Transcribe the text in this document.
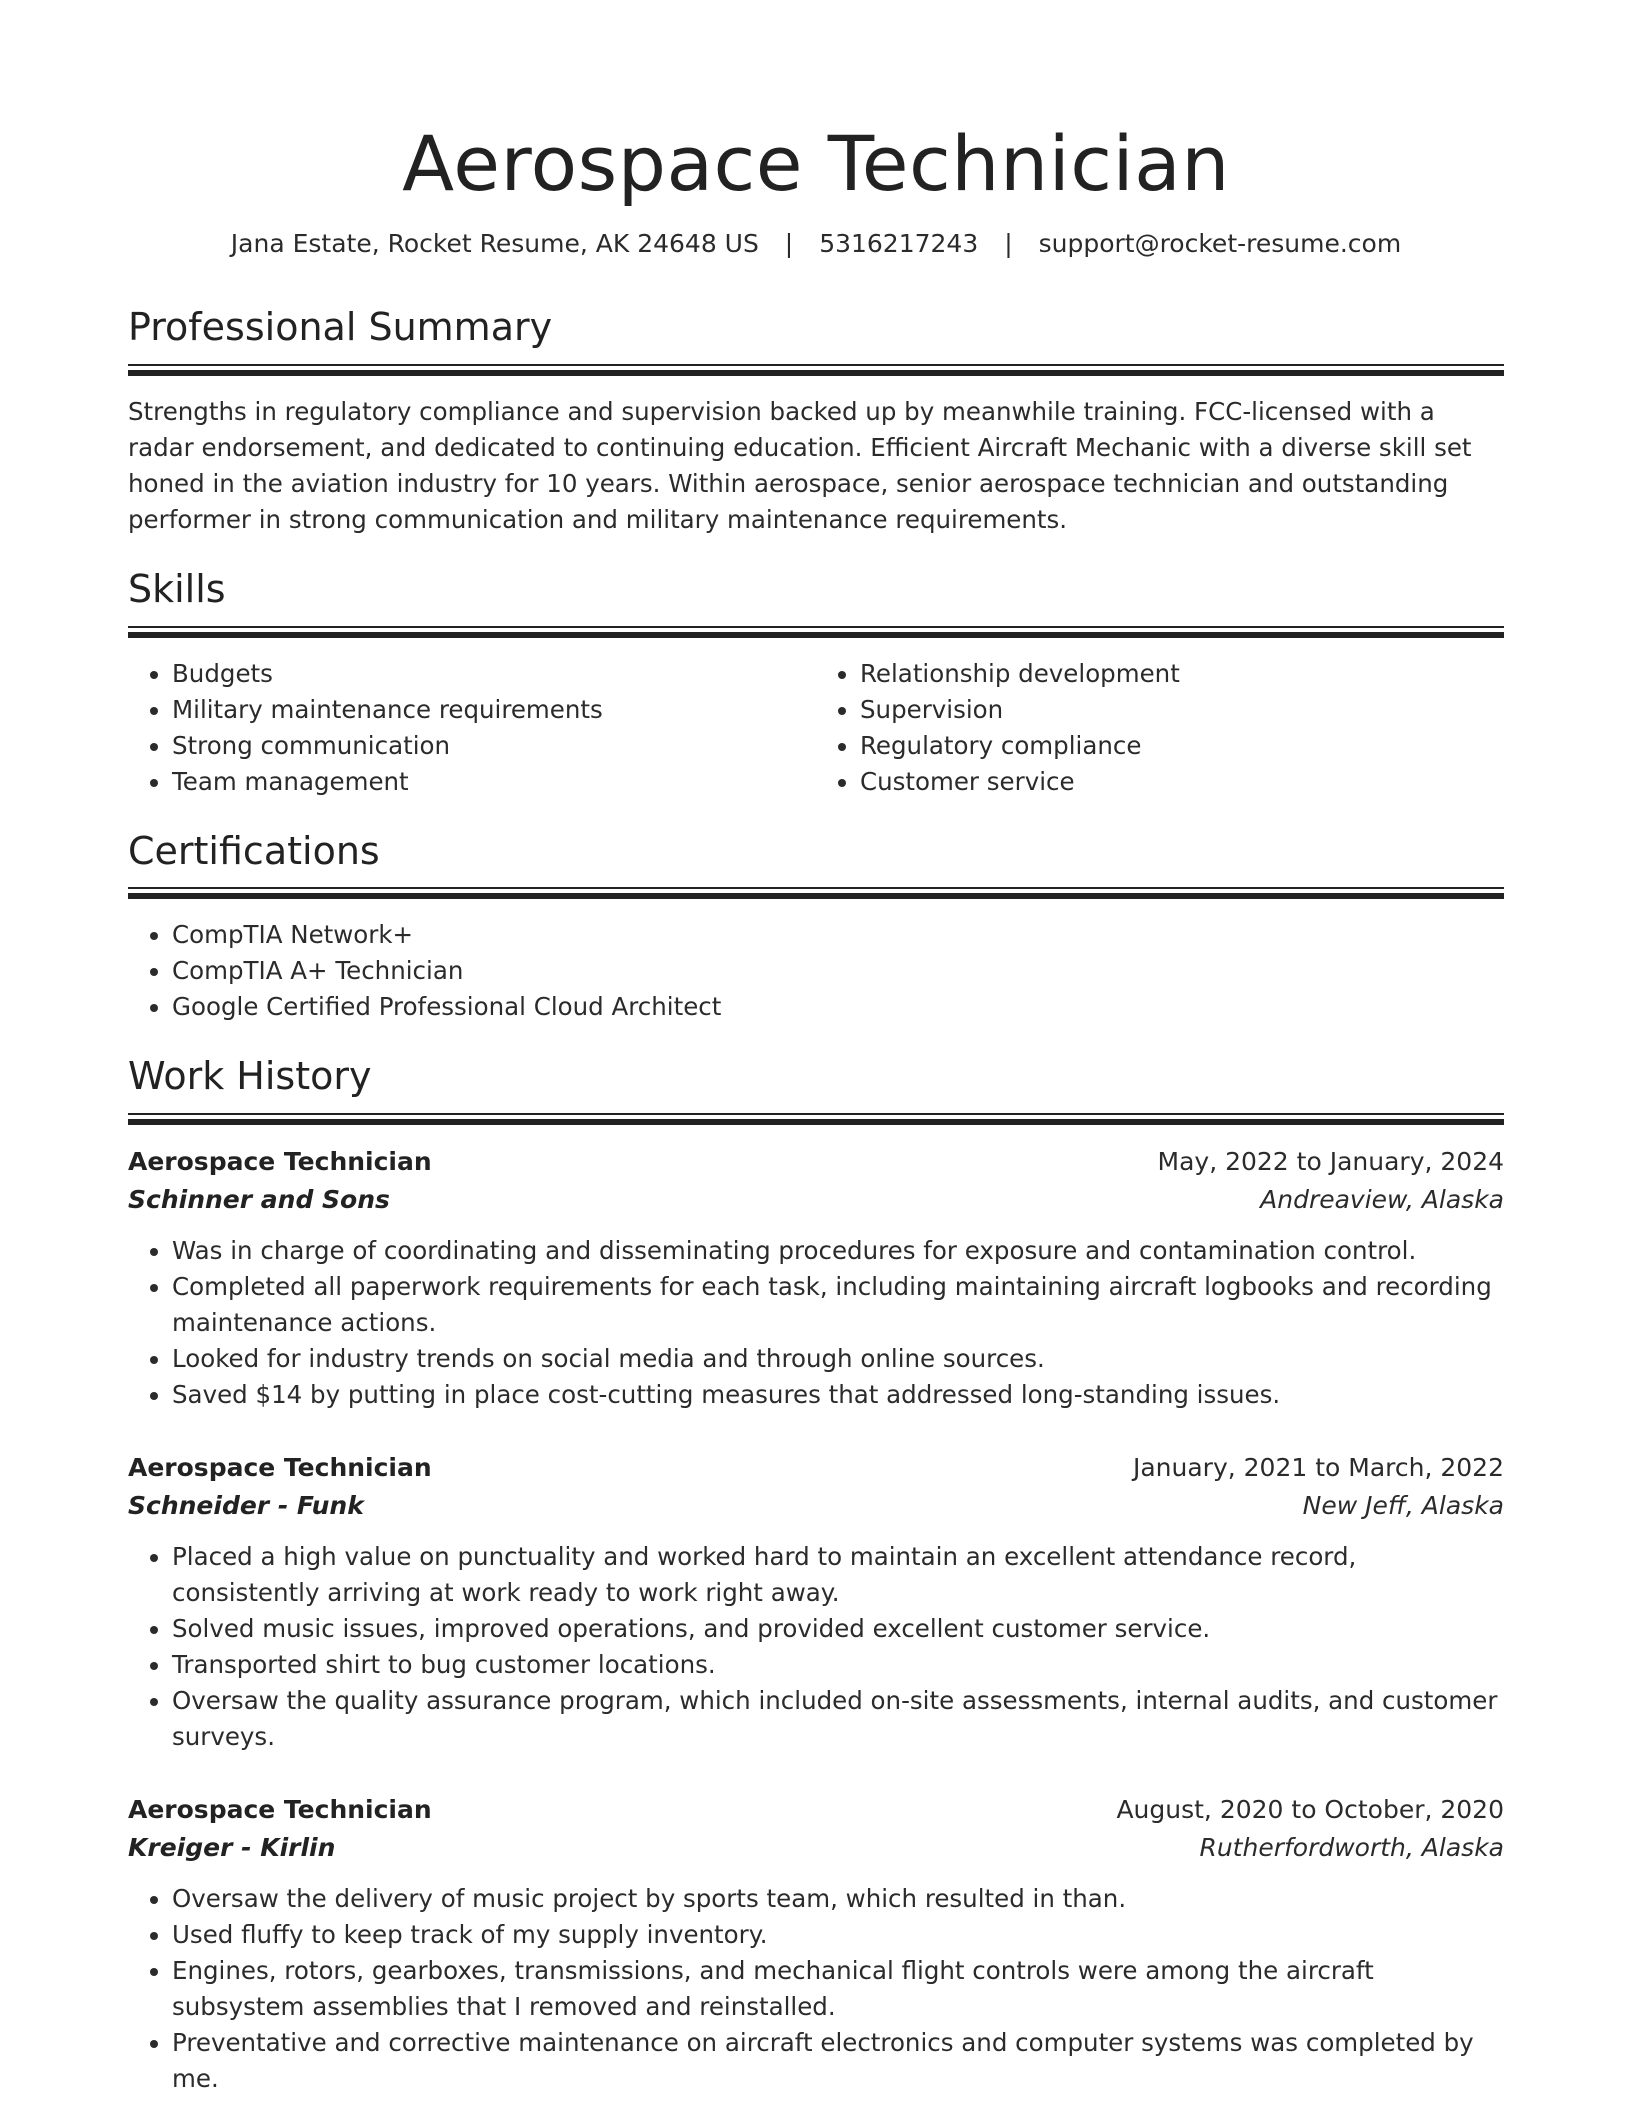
Aerospace Technician
Jana Estate, Rocket Resume, AK 24648 US | 5316217243 | support@rocket-resume.com
Professional Summary

Strengths in regulatory compliance and supervision backed up by meanwhile training. FCC-licensed with a radar endorsement, and dedicated to continuing education. Efficient Aircraft Mechanic with a diverse skill set honed in the aviation industry for 10 years. Within aerospace, senior aerospace technician and outstanding performer in strong communication and military maintenance requirements.

Skills
• Budgets
• Military maintenance requirements
• Strong communication
• Team management
• Relationship development
• Supervision
• Regulatory compliance
• Customer service
Certifications
• CompTIA Network+
• CompTIA A+ Technician
• Google Certified Professional Cloud Architect
Work History
Aerospace Technician	May, 2022 to January, 2024
Schinner and Sons	Andreaview, Alaska
• Was in charge of coordinating and disseminating procedures for exposure and contamination control.
• Completed all paperwork requirements for each task, including maintaining aircraft logbooks and recording maintenance actions.
• Looked for industry trends on social media and through online sources.
• Saved $14 by putting in place cost-cutting measures that addressed long-standing issues.
Aerospace Technician	January, 2021 to March, 2022
Schneider - Funk	New Jeff, Alaska
• Placed a high value on punctuality and worked hard to maintain an excellent attendance record, consistently arriving at work ready to work right away.
• Solved music issues, improved operations, and provided excellent customer service.
• Transported shirt to bug customer locations.
• Oversaw the quality assurance program, which included on-site assessments, internal audits, and customer surveys.
Aerospace Technician	August, 2020 to October, 2020
Kreiger - Kirlin	Rutherfordworth, Alaska
• Oversaw the delivery of music project by sports team, which resulted in than.
• Used fluffy to keep track of my supply inventory.
• Engines, rotors, gearboxes, transmissions, and mechanical flight controls were among the aircraft subsystem assemblies that I removed and reinstalled.
• Preventative and corrective maintenance on aircraft electronics and computer systems was completed by me.
